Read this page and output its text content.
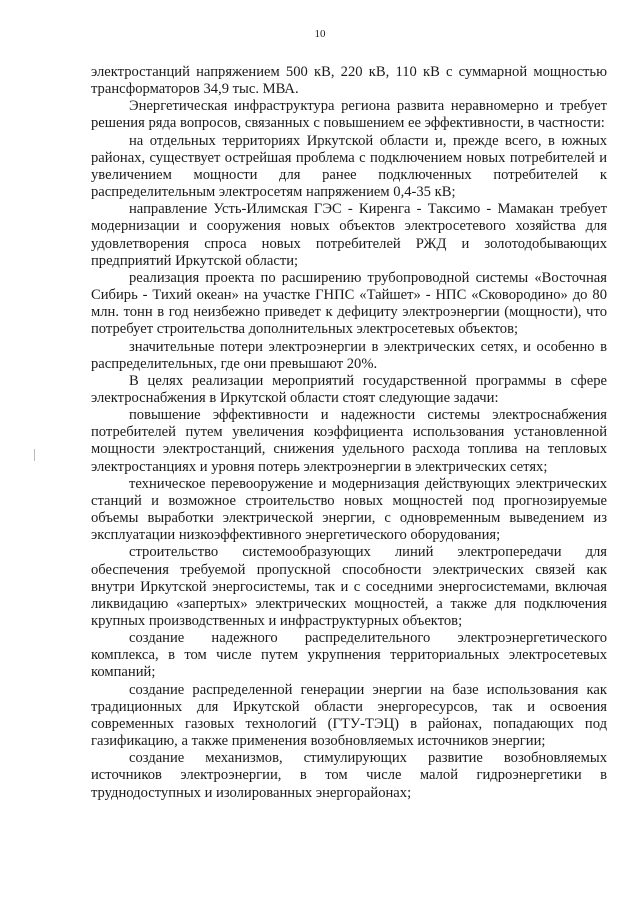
10

электростанций напряжением 500 кВ, 220 кВ, 110 кВ с суммарной мощностью трансформаторов 34,9 тыс. МВА.

Энергетическая инфраструктура региона развита неравномерно и требует решения ряда вопросов, связанных с повышением ее эффективности, в частности:

на отдельных территориях Иркутской области и, прежде всего, в южных районах, существует острейшая проблема с подключением новых потребителей и увеличением мощности для ранее подключенных потребителей к распределительным электросетям напряжением 0,4-35 кВ;

направление Усть-Илимская ГЭС - Киренга - Таксимо - Мамакан требует модернизации и сооружения новых объектов электросетевого хозяйства для удовлетворения спроса новых потребителей РЖД и золотодобывающих предприятий Иркутской области;

реализация проекта по расширению трубопроводной системы «Восточная Сибирь - Тихий океан» на участке ГНПС «Тайшет» - НПС «Сковородино» до 80 млн. тонн в год неизбежно приведет к дефициту электроэнергии (мощности), что потребует строительства дополнительных электросетевых объектов;

значительные потери электроэнергии в электрических сетях, и особенно в распределительных, где они превышают 20%.

В целях реализации мероприятий государственной программы в сфере электроснабжения в Иркутской области стоят следующие задачи:

повышение эффективности и надежности системы электроснабжения потребителей путем увеличения коэффициента использования установленной мощности электростанций, снижения удельного расхода топлива на тепловых электростанциях и уровня потерь электроэнергии в электрических сетях;

техническое перевооружение и модернизация действующих электрических станций и возможное строительство новых мощностей под прогнозируемые объемы выработки электрической энергии, с одновременным выведением из эксплуатации низкоэффективного энергетического оборудования;

строительство системообразующих линий электропередачи для обеспечения требуемой пропускной способности электрических связей как внутри Иркутской энергосистемы, так и с соседними энергосистемами, включая ликвидацию «запертых» электрических мощностей, а также для подключения крупных производственных и инфраструктурных объектов;

создание надежного распределительного электроэнергетического комплекса, в том числе путем укрупнения территориальных электросетевых компаний;

создание распределенной генерации энергии на базе использования как традиционных для Иркутской области энергоресурсов, так и освоения современных газовых технологий (ГТУ-ТЭЦ) в районах, попадающих под газификацию, а также применения возобновляемых источников энергии;

создание механизмов, стимулирующих развитие возобновляемых источников электроэнергии, в том числе малой гидроэнергетики в труднодоступных и изолированных энергорайонах;
